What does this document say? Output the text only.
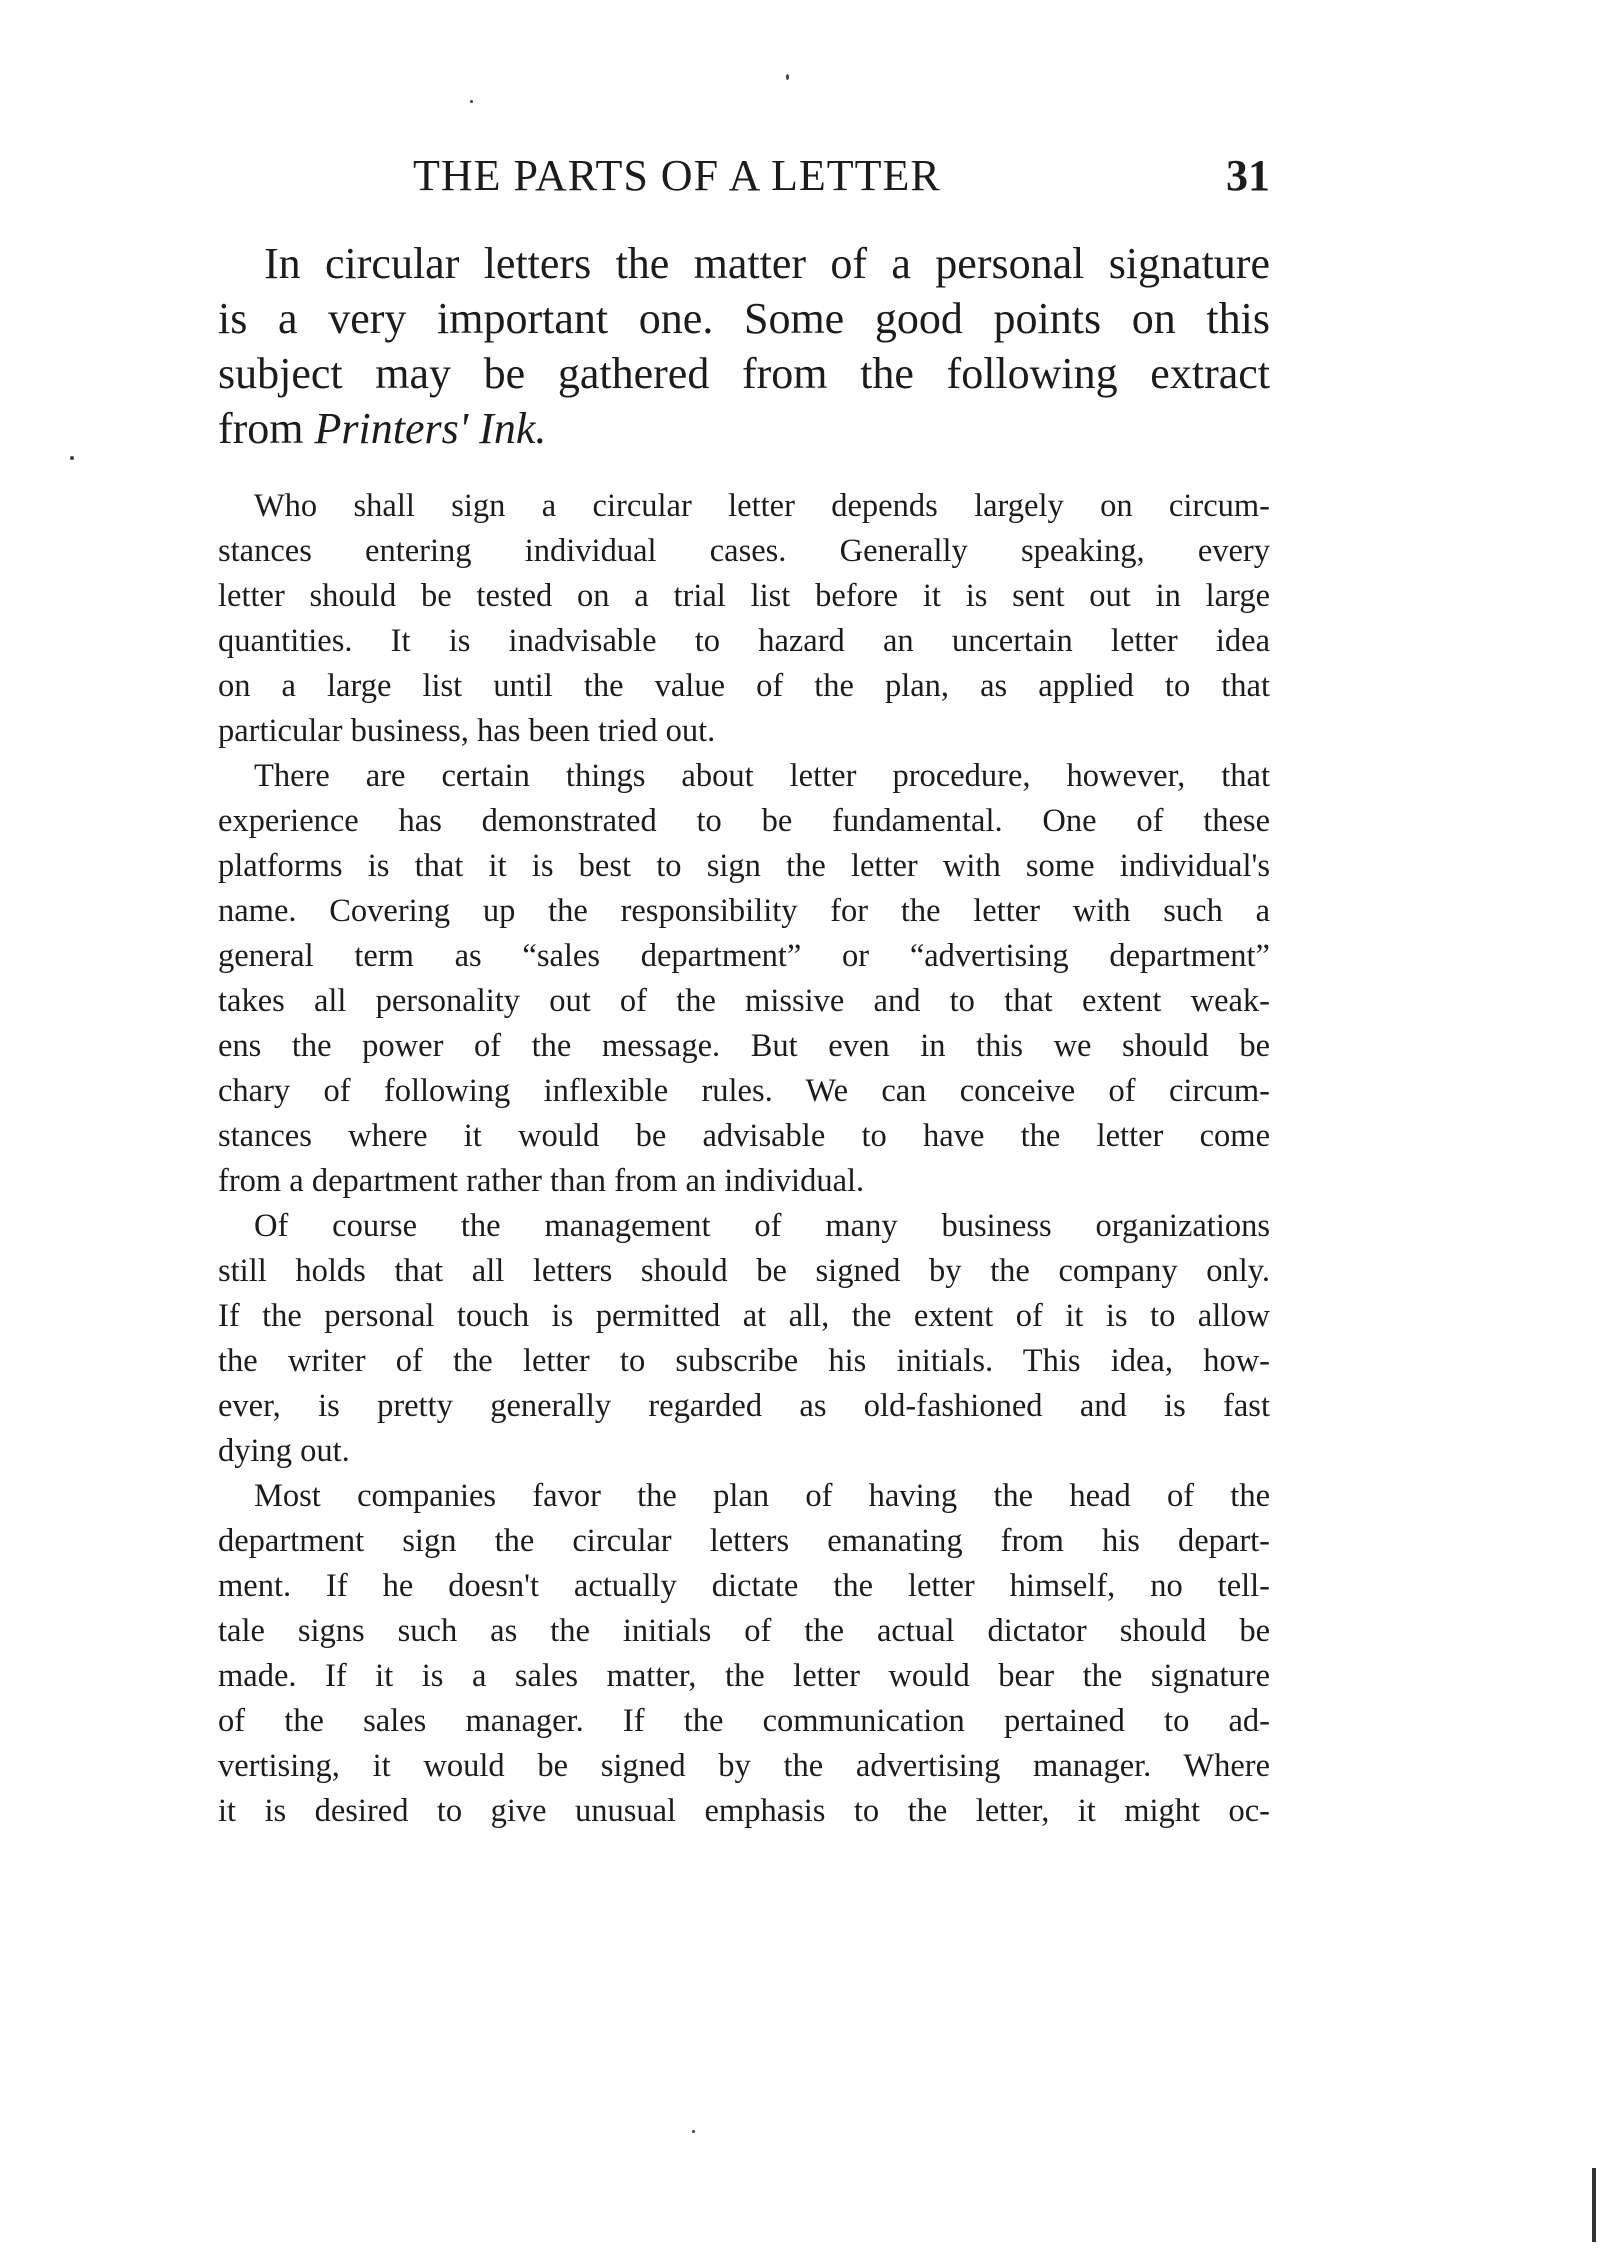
THE PARTS OF A LETTER	31
In circular letters the matter of a personal signature
is a very important one. Some good points on this
subject may be gathered from the following extract
from Printers' Ink.
Who shall sign a circular letter depends largely on circum-
stances entering individual cases. Generally speaking, every
letter should be tested on a trial list before it is sent out in large
quantities. It is inadvisable to hazard an uncertain letter idea
on a large list until the value of the plan, as applied to that
particular business, has been tried out.
There are certain things about letter procedure, however, that
experience has demonstrated to be fundamental. One of these
platforms is that it is best to sign the letter with some individual's
name. Covering up the responsibility for the letter with such a
general term as “sales department” or “advertising department”
takes all personality out of the missive and to that extent weak-
ens the power of the message. But even in this we should be
chary of following inflexible rules. We can conceive of circum-
stances where it would be advisable to have the letter come
from a department rather than from an individual.
Of course the management of many business organizations
still holds that all letters should be signed by the company only.
If the personal touch is permitted at all, the extent of it is to allow
the writer of the letter to subscribe his initials. This idea, how-
ever, is pretty generally regarded as old-fashioned and is fast
dying out.
Most companies favor the plan of having the head of the
department sign the circular letters emanating from his depart-
ment. If he doesn't actually dictate the letter himself, no tell-
tale signs such as the initials of the actual dictator should be
made. If it is a sales matter, the letter would bear the signature
of the sales manager. If the communication pertained to ad-
vertising, it would be signed by the advertising manager. Where
it is desired to give unusual emphasis to the letter, it might oc-
